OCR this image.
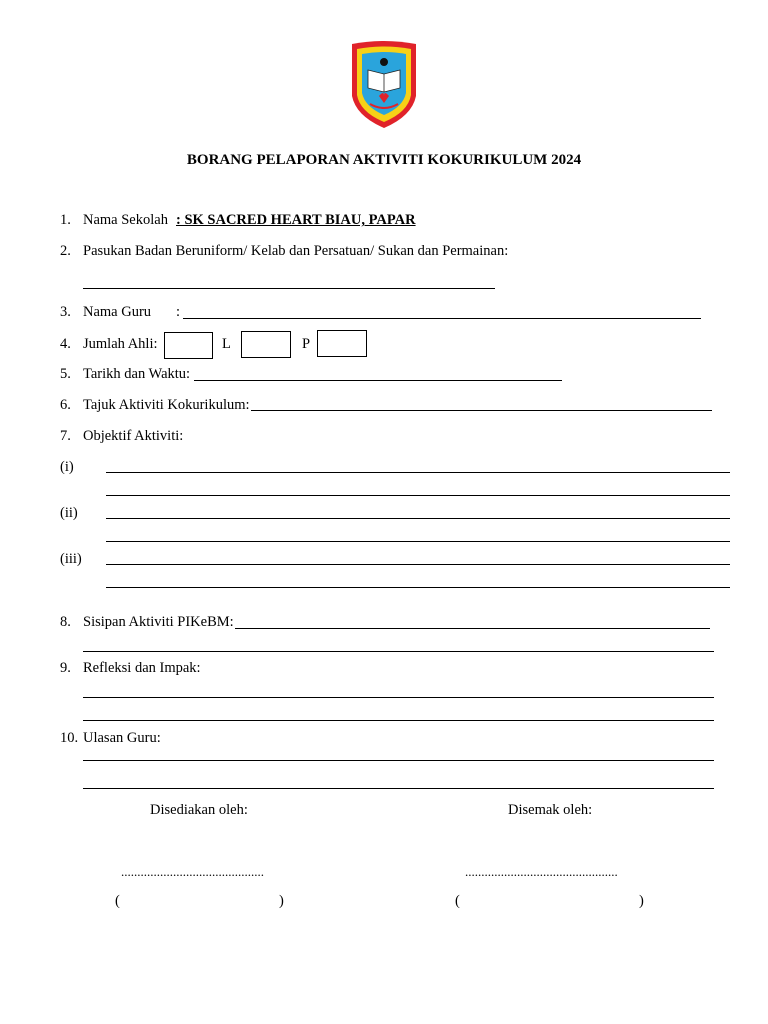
BORANG PELAPORAN AKTIVITI KOKURIKULUM 2024
1. Nama Sekolah : SK SACRED HEART BIAU, PAPAR
2. Pasukan Badan Beruniform/ Kelab dan Persatuan/ Sukan dan Permainan:
3. Nama Guru :
4. Jumlah Ahli:	L	P
5. Tarikh dan Waktu:
6. Tajuk Aktiviti Kokurikulum:
7. Objektif Aktiviti:
(i)
(ii)
(iii)
8. Sisipan Aktiviti PIKeBM:
9. Refleksi dan Impak:
10. Ulasan Guru:
Disediakan oleh:	Disemak oleh:
............................................	...............................................
(	)	(	)
